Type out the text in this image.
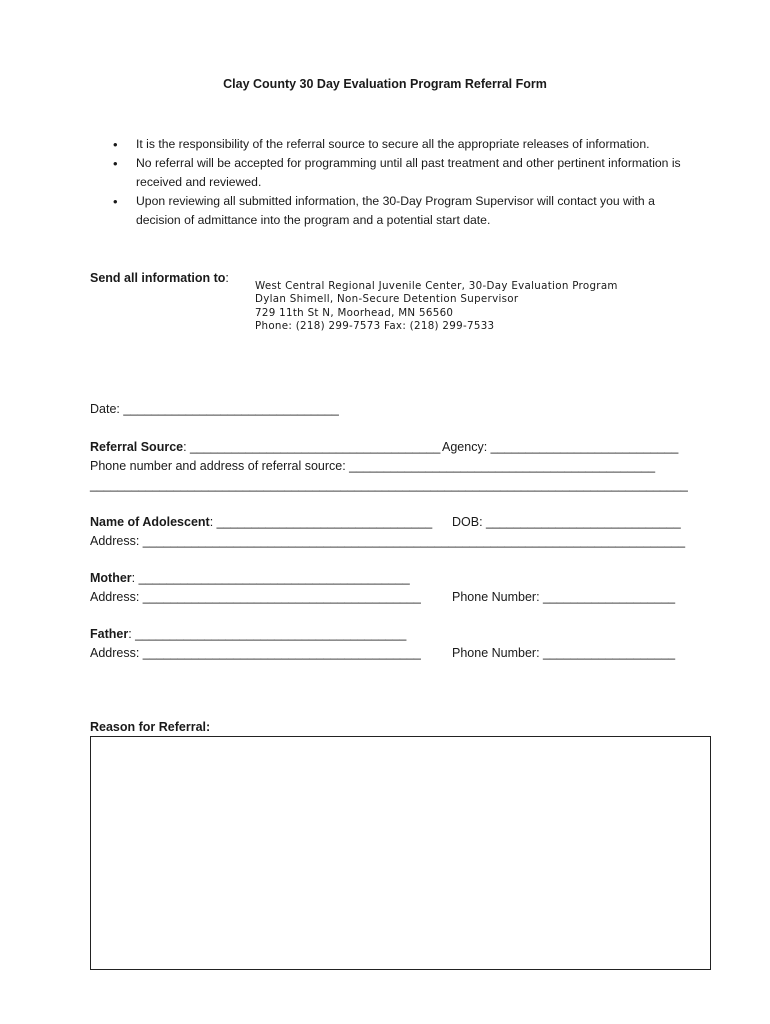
Clay County 30 Day Evaluation Program Referral Form
• It is the responsibility of the referral source to secure all the appropriate releases of information.
• No referral will be accepted for programming until all past treatment and other pertinent information is received and reviewed.
• Upon reviewing all submitted information, the 30-Day Program Supervisor will contact you with a decision of admittance into the program and a potential start date.
Send all information to:
West Central Regional Juvenile Center, 30-Day Evaluation Program
Dylan Shimell, Non-Secure Detention Supervisor
729 11th St N, Moorhead, MN 56560
Phone: (218) 299-7573 Fax: (218) 299-7533
Date: _______________________________
Referral Source: ____________________________________ Agency: ___________________________
Phone number and address of referral source: ____________________________________________
______________________________________________________________________________________
Name of Adolescent: _______________________________ DOB: ____________________________
Address: ______________________________________________________________________________
Mother: _______________________________________
Address: ________________________________________ Phone Number: ___________________
Father: _______________________________________
Address: ________________________________________ Phone Number: ___________________
Reason for Referral:
